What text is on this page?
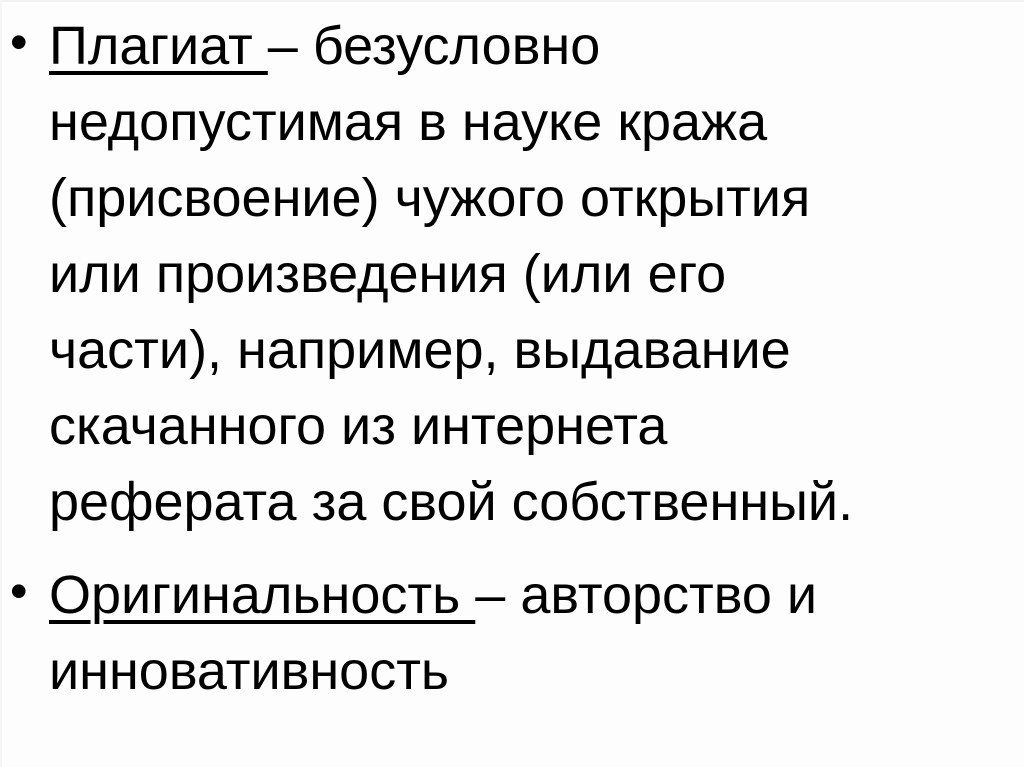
• Плагиат – безусловно
недопустимая в науке кража
(присвоение) чужого открытия
или произведения (или его
части), например, выдавание
скачанного из интернета
реферата за свой собственный.

• Оригинальность – авторство и
инновативность
